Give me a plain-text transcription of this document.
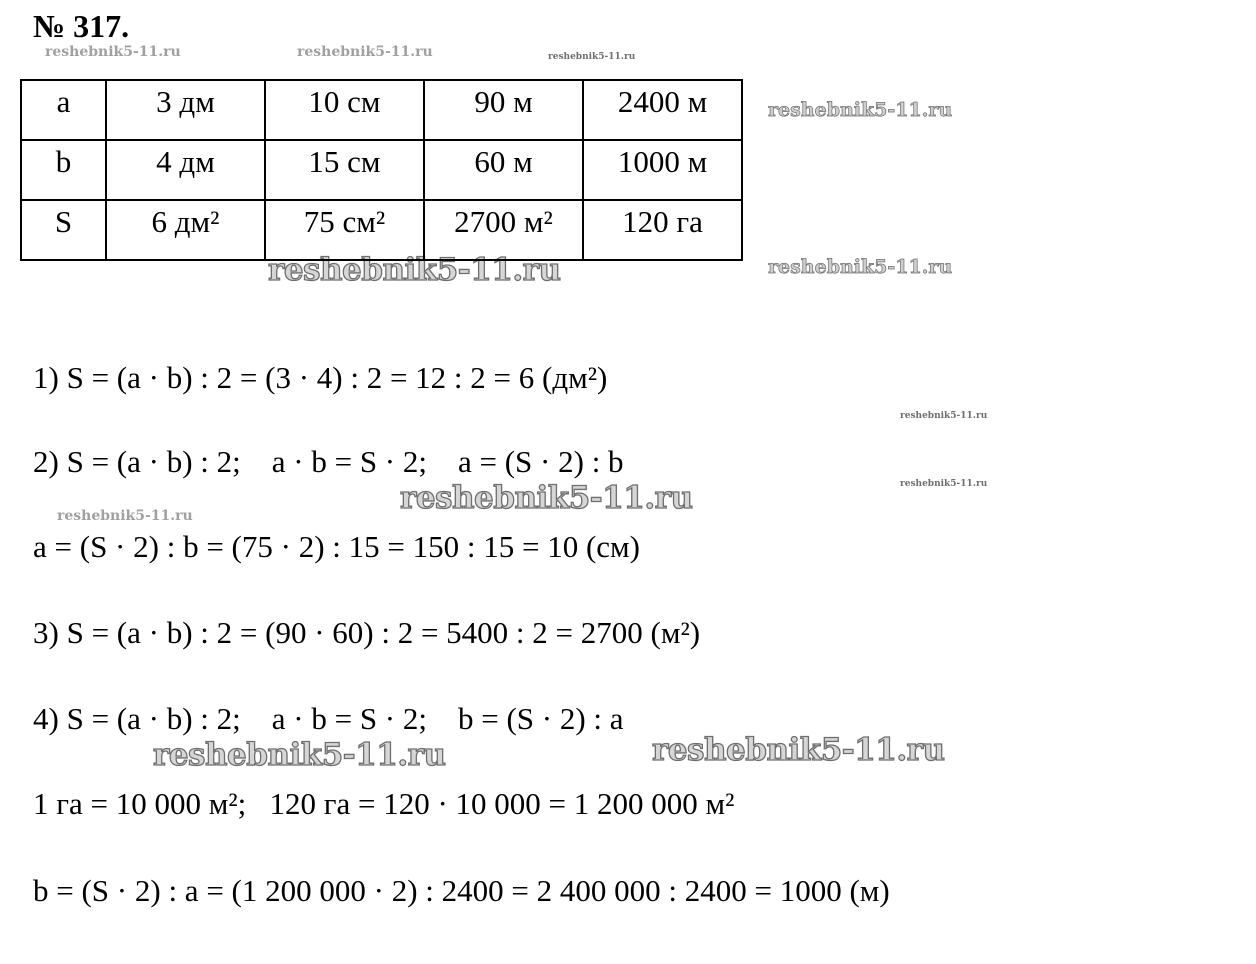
№ 317.
reshebnik5-11.ru	reshebnik5-11.ru	reshebnik5-11.ru
reshebnik5-11.ru
reshebnik5-11.ru	reshebnik5-11.ru
reshebnik5-11.ru
reshebnik5-11.ru
reshebnik5-11.ru
reshebnik5-11.ru
reshebnik5-11.ru	reshebnik5-11.ru
a	3 дм	10 см	90 м	2400 м
b	4 дм	15 см	60 м	1000 м
S	6 дм²	75 см²	2700 м²	120 га
1) S = (a · b) : 2 = (3 · 4) : 2 = 12 : 2 = 6 (дм²)
2) S = (a · b) : 2;    a · b = S · 2;    a = (S · 2) : b
a = (S · 2) : b = (75 · 2) : 15 = 150 : 15 = 10 (см)
3) S = (a · b) : 2 = (90 · 60) : 2 = 5400 : 2 = 2700 (м²)
4) S = (a · b) : 2;    a · b = S · 2;    b = (S · 2) : a
1 га = 10 000 м²;   120 га = 120 · 10 000 = 1 200 000 м²
b = (S · 2) : a = (1 200 000 · 2) : 2400 = 2 400 000 : 2400 = 1000 (м)
